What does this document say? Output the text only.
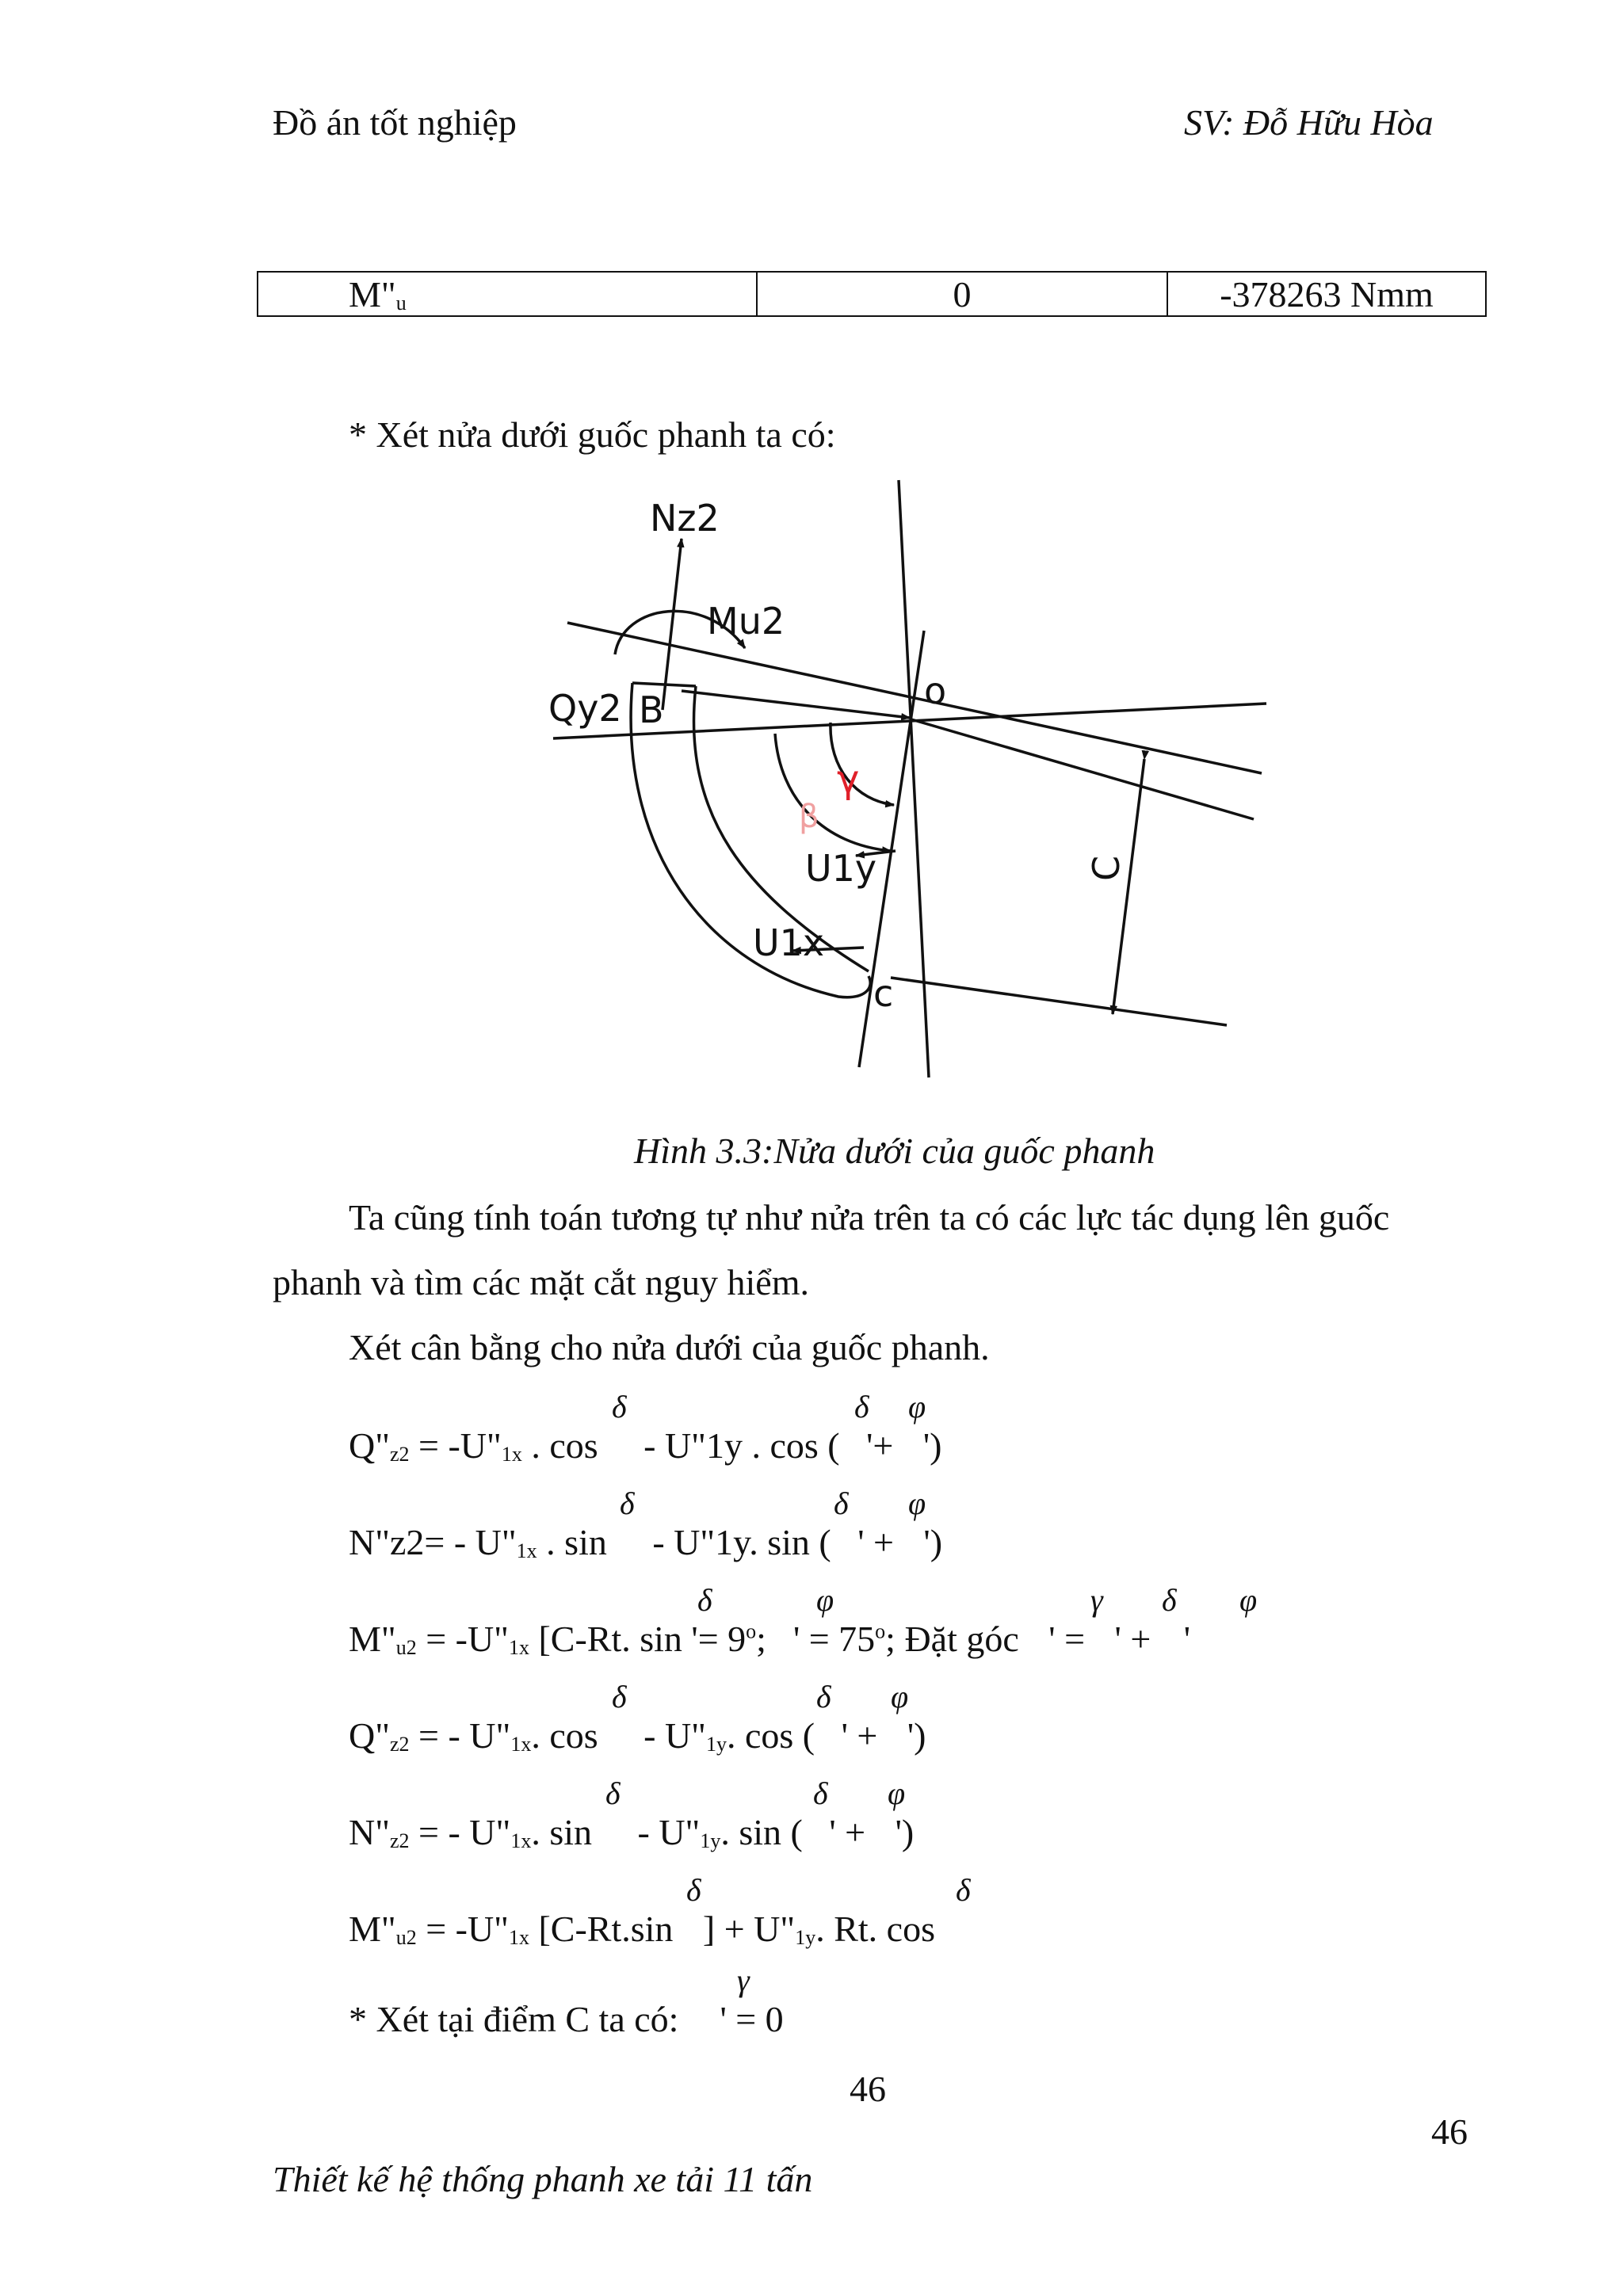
Đồ án tốt nghiệp	SV: Đỗ Hữu Hòa
$M"_u$	0	-378263 Nmm
* Xét nửa dưới guốc phanh ta có:
Nz2
Mu2
o
Qy2 B
U1y
U1x
c
C
γ
β
Hình 3.3:Nửa dưới của guốc phanh
Ta cũng tính toán tương tự như nửa trên ta có các lực tác dụng lên guốc
phanh và tìm các mặt cắt nguy hiểm.
Xét cân bằng cho nửa dưới của guốc phanh.
$Q"_{z2}$ = $-U"_{1x}$ . cos - U"1y . cos ( '+ ')
δ	δ φ
N"z2= - $U"_{1x}$ . sin - U"1y. sin ( ' + ')
δ	δ φ
$M"_{u2}$ = $-U"_{1x}$ [C-Rt. sin '= $9^o$; ' = $75^o$; Đặt góc ' = ' + '
δ	φ	γ δ φ
$Q"_{z2}$ = - $U"_{1x}$. cos - $U"_{1y}$. cos ( ' + ')
δ	δ φ
$N"_{z2}$ = - $U"_{1x}$. sin - $U"_{1y}$. sin ( ' + ')
δ	δ φ
$M"_{u2}$ = $-U"_{1x}$ [C-Rt.sin ] + $U"_{1y}$. Rt. cos
δ	δ
* Xét tại điểm C ta có: ' = 0
γ
46
46
Thiết kế hệ thống phanh xe tải 11 tấn
